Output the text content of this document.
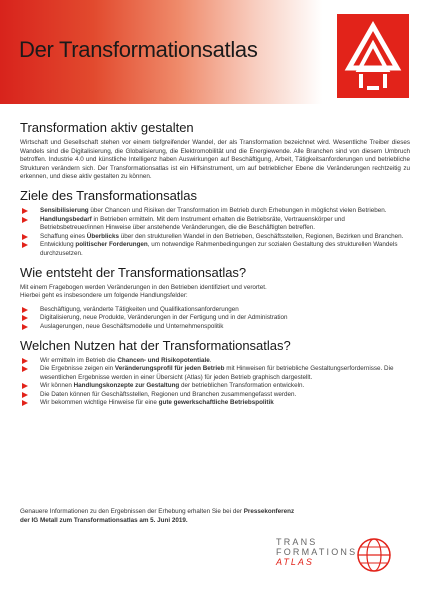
Der Transformationsatlas
Transformation aktiv gestalten

Wirtschaft und Gesellschaft stehen vor einem tiefgreifender Wandel, der als Transformation bezeichnet wird. Wesentliche Treiber dieses Wandels sind die Digitalisierung, die Globalisierung, die Elektromobilität und die Energiewende. Alle Branchen sind von diesem Umbruch betroffen. Industrie 4.0 und künstliche Intelligenz haben Auswirkungen auf Beschäftigung, Arbeit, Tätigkeitsanforderungen und betriebliche Strukturen verändern sich. Der Transformationsatlas ist ein Hilfsinstrument, um auf betrieblicher Ebene die Veränderungen rechtzeitig zu erkennen, und diese aktiv gestalten zu können.

Ziele des Transformationsatlas
Sensibilisierung über Chancen und Risiken der Transformation im Betrieb durch Erhebungen in möglichst vielen Betrieben.
Handlungsbedarf in Betrieben ermitteln. Mit dem Instrument erhalten die Betriebsräte, Vertrauenskörper und Betriebsbetreuer/innen Hinweise über anstehende Veränderungen, die die Beschäftigten betreffen.
Schaffung eines Überblicks über den strukturellen Wandel in den Betrieben, Geschäftsstellen, Regionen, Bezirken und Branchen.
Entwicklung politischer Forderungen, um notwendige Rahmenbedingungen zur sozialen Gestaltung des strukturellen Wandels durchzusetzen.
Wie entsteht der Transformationsatlas?

Mit einem Fragebogen werden Veränderungen in den Betrieben identifiziert und verortet.

Hierbei geht es insbesondere um folgende Handlungsfelder:

Beschäftigung, veränderte Tätigkeiten und Qualifikationsanforderungen
Digitalisierung, neue Produkte, Veränderungen in der Fertigung und in der Administration
Auslagerungen, neue Geschäftsmodelle und Unternehmenspolitik
Welchen Nutzen hat der Transformationsatlas?
Wir ermitteln im Betrieb die Chancen- und Risikopotentiale.
Die Ergebnisse zeigen ein Veränderungsprofil für jeden Betrieb mit Hinweisen für betriebliche Gestaltungserfordernisse. Die wesentlichen Ergebnisse werden in einer Übersicht (Atlas) für jeden Betrieb graphisch dargestellt.
Wir können Handlungskonzepte zur Gestaltung der betrieblichen Transformation entwickeln.
Die Daten können für Geschäftsstellen, Regionen und Branchen zusammengefasst werden.
Wir bekommen wichtige Hinweise für eine gute gewerkschaftliche Betriebspolitik
Genauere Informationen zu den Ergebnissen der Erhebung erhalten Sie bei der Pressekonferenz
der IG Metall zum Transformationsatlas am 5. Juni 2019.
TRANS
FORMATIONS
ATLAS
